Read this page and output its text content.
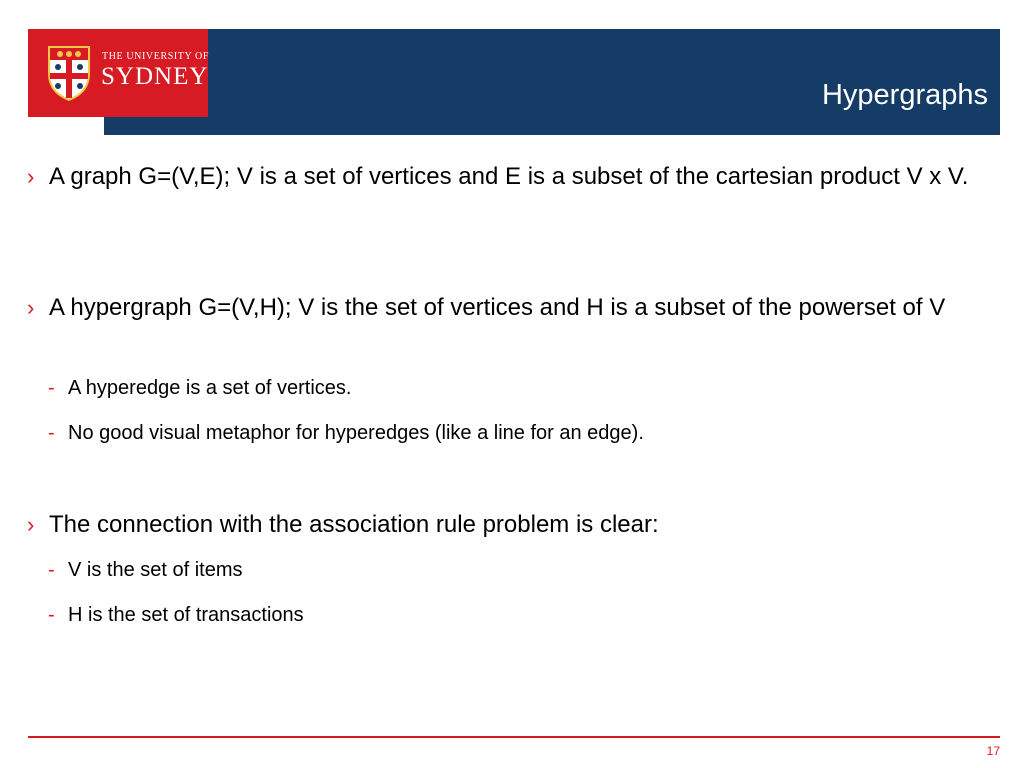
THE UNIVERSITY OF
SYDNEY
Hypergraphs
› A graph G=(V,E); V is a set of vertices and E is a subset of the cartesian product V x V.
› A hypergraph G=(V,H); V is the set of vertices and H is a subset of the powerset of V
- A hyperedge is a set of vertices.
- No good visual metaphor for hyperedges (like a line for an edge).
› The connection with the association rule problem is clear:
- V is the set of items
- H is the set of transactions
17
